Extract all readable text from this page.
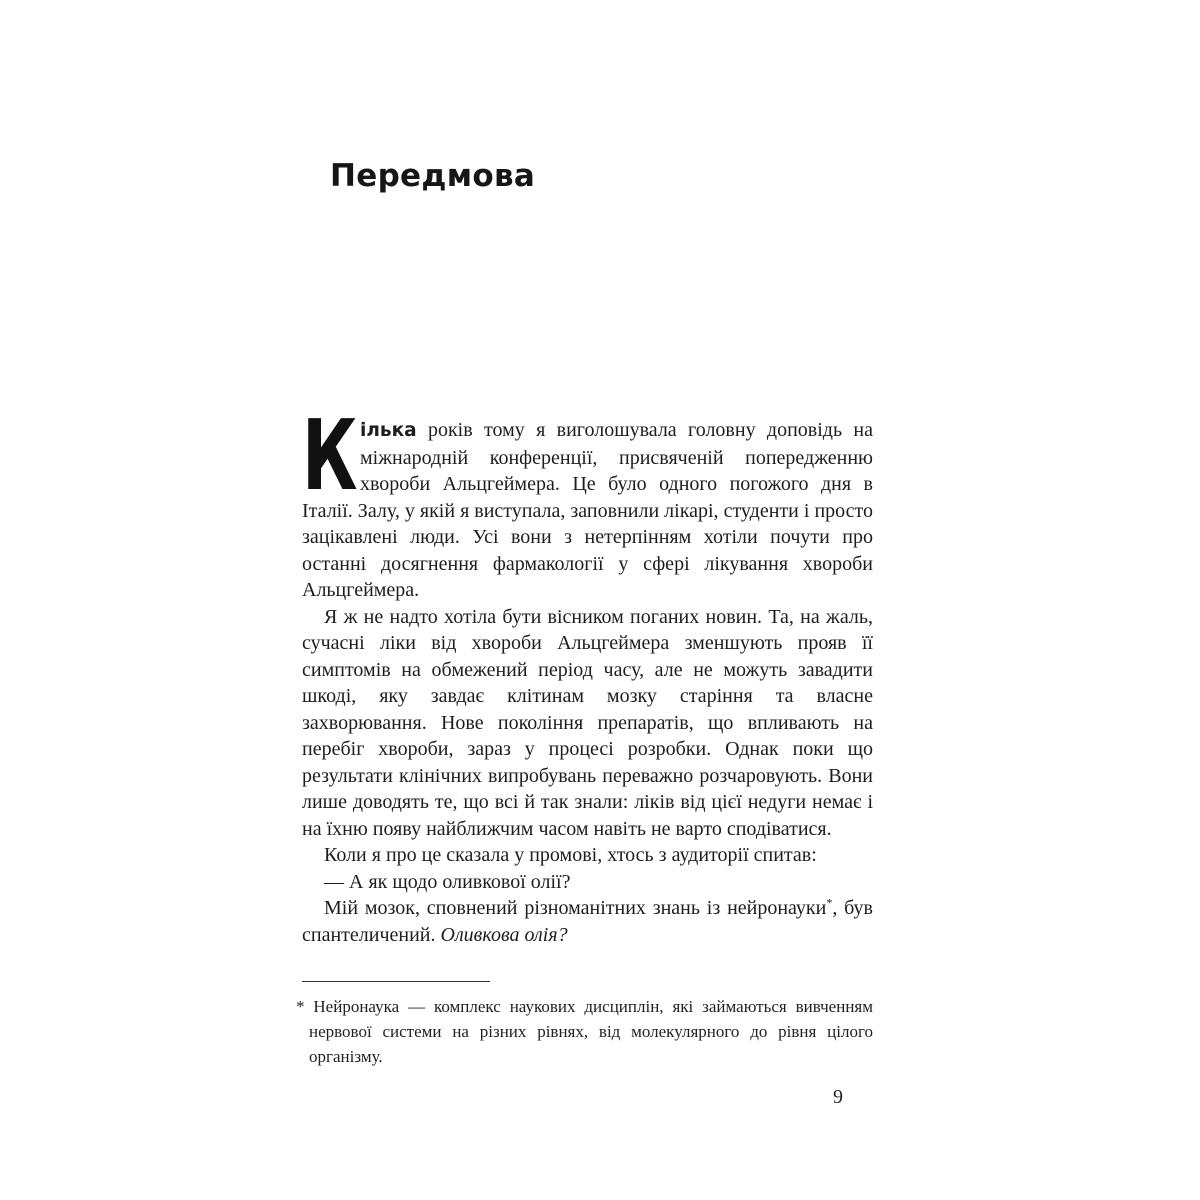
Передмова

Кілька років тому я виголошувала головну доповідь на міжнародній конференції, присвяченій попередженню хвороби Альцгеймера. Це було одного погожого дня в Італії. Залу, у якій я виступала, заповнили лікарі, студенти і просто зацікавлені люди. Усі вони з нетерпінням хотіли почути про останні досягнення фармакології у сфері лікування хвороби Альцгеймера.

Я ж не надто хотіла бути вісником поганих новин. Та, на жаль, сучасні ліки від хвороби Альцгеймера зменшують прояв її симптомів на обмежений період часу, але не можуть завадити шкоді, яку завдає клітинам мозку старіння та власне захворювання. Нове покоління препаратів, що впливають на перебіг хвороби, зараз у процесі розробки. Однак поки що результати клінічних випробувань переважно розчаровують. Вони лише доводять те, що всі й так знали: ліків від цієї недуги немає і на їхню появу найближчим часом навіть не варто сподіватися.

Коли я про це сказала у промові, хтось з аудиторії спитав:

— А як щодо оливкової олії?

Мій мозок, сповнений різноманітних знань із нейронауки*, був спантеличений. Оливкова олія?

* Нейронаука — комплекс наукових дисциплін, які займаються вивченням нервової системи на різних рівнях, від молекулярного до рівня цілого організму.
9
